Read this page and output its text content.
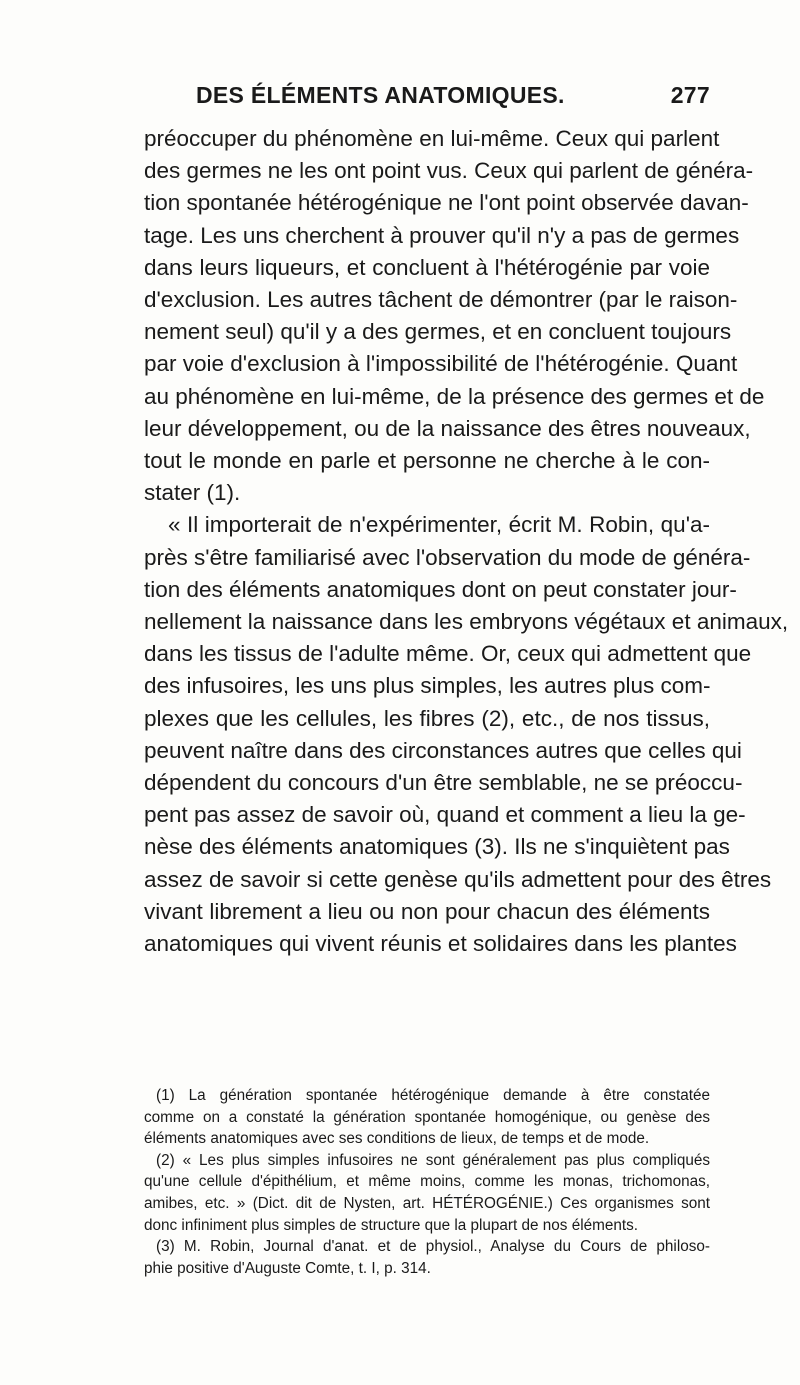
DES ÉLÉMENTS ANATOMIQUES.	277

préoccuper du phénomène en lui-même. Ceux qui parlent

des germes ne les ont point vus. Ceux qui parlent de généra-

tion spontanée hétérogénique ne l'ont point observée davan-

tage. Les uns cherchent à prouver qu'il n'y a pas de germes

dans leurs liqueurs, et concluent à l'hétérogénie par voie

d'exclusion. Les autres tâchent de démontrer (par le raison-

nement seul) qu'il y a des germes, et en concluent toujours

par voie d'exclusion à l'impossibilité de l'hétérogénie. Quant

au phénomène en lui-même, de la présence des germes et de

leur développement, ou de la naissance des êtres nouveaux,

tout le monde en parle et personne ne cherche à le con-

stater (1).

« Il importerait de n'expérimenter, écrit M. Robin, qu'a-

près s'être familiarisé avec l'observation du mode de généra-

tion des éléments anatomiques dont on peut constater jour-

nellement la naissance dans les embryons végétaux et animaux,

dans les tissus de l'adulte même. Or, ceux qui admettent que

des infusoires, les uns plus simples, les autres plus com-

plexes que les cellules, les fibres (2), etc., de nos tissus,

peuvent naître dans des circonstances autres que celles qui

dépendent du concours d'un être semblable, ne se préoccu-

pent pas assez de savoir où, quand et comment a lieu la ge-

nèse des éléments anatomiques (3). Ils ne s'inquiètent pas

assez de savoir si cette genèse qu'ils admettent pour des êtres

vivant librement a lieu ou non pour chacun des éléments

anatomiques qui vivent réunis et solidaires dans les plantes

(1) La génération spontanée hétérogénique demande à être constatée

comme on a constaté la génération spontanée homogénique, ou genèse des

éléments anatomiques avec ses conditions de lieux, de temps et de mode.

(2) « Les plus simples infusoires ne sont généralement pas plus compliqués

qu'une cellule d'épithélium, et même moins, comme les monas, trichomonas,

amibes, etc. » (Dict. dit de Nysten, art. HÉTÉROGÉNIE.) Ces organismes sont

donc infiniment plus simples de structure que la plupart de nos éléments.

(3) M. Robin, Journal d'anat. et de physiol., Analyse du Cours de philoso-

phie positive d'Auguste Comte, t. I, p. 314.
